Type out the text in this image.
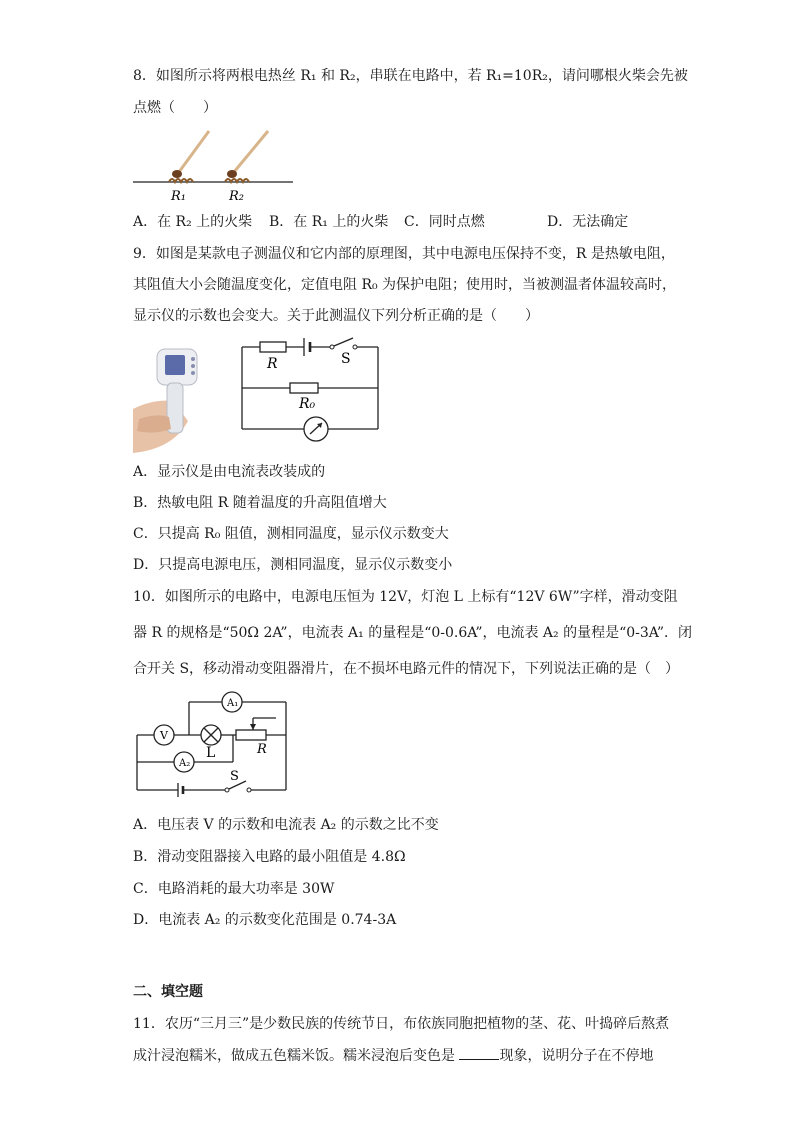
8．如图所示将两根电热丝 R₁ 和 R₂，串联在电路中，若 R₁=10R₂，请问哪根火柴会先被
点燃（　　）
R₁	R₂
A．在 R₂ 上的火柴 B．在 R₁ 上的火柴 C．同时点燃	D．无法确定
9．如图是某款电子测温仪和它内部的原理图，其中电源电压保持不变，R 是热敏电阻，
其阻值大小会随温度变化，定值电阻 R₀ 为保护电阻；使用时，当被测温者体温较高时，
显示仪的示数也会变大。关于此测温仪下列分析正确的是（　　）
R	S
R₀
A．显示仪是由电流表改装成的
B．热敏电阻 R 随着温度的升高阻值增大
C．只提高 R₀ 阻值，测相同温度，显示仪示数变大
D．只提高电源电压，测相同温度，显示仪示数变小
10．如图所示的电路中，电源电压恒为 12V，灯泡 L 上标有“12V 6W”字样，滑动变阻
器 R 的规格是“50Ω 2A”，电流表 A₁ 的量程是“0-0.6A”，电流表 A₂ 的量程是“0-3A”．闭
合开关 S，移动滑动变阻器滑片，在不损坏电路元件的情况下，下列说法正确的是（　）
A₁
V
L	R
A₂
S
A．电压表 V 的示数和电流表 A₂ 的示数之比不变
B．滑动变阻器接入电路的最小阻值是 4.8Ω
C．电路消耗的最大功率是 30W
D．电流表 A₂ 的示数变化范围是 0.74-3A
二、填空题
11．农历“三月三”是少数民族的传统节日，布依族同胞把植物的茎、花、叶捣碎后熬煮
成汁浸泡糯米，做成五色糯米饭。糯米浸泡后变色是	现象，说明分子在不停地
